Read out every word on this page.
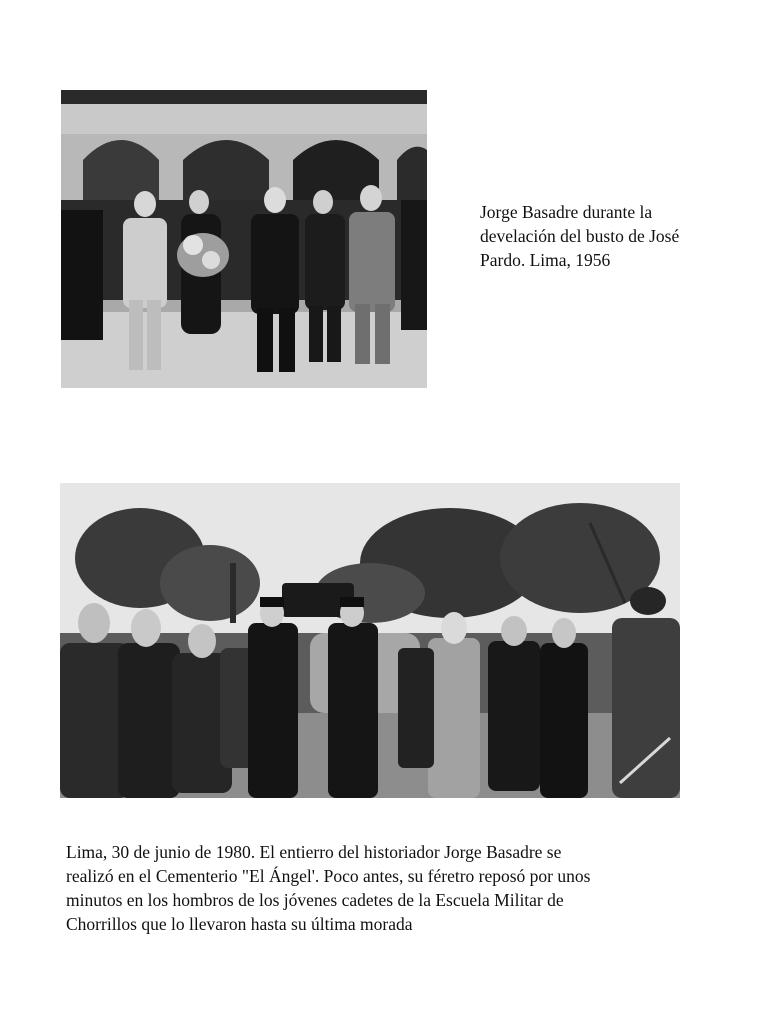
Jorge Basadre durante la
develación del busto de José
Pardo. Lima, 1956

Lima, 30 de junio de 1980. El entierro del historiador Jorge Basadre se
realizó en el Cementerio "El Ángel'. Poco antes, su féretro reposó por unos
minutos en los hombros de los jóvenes cadetes de la Escuela Militar de
Chorrillos que lo llevaron hasta su última morada
